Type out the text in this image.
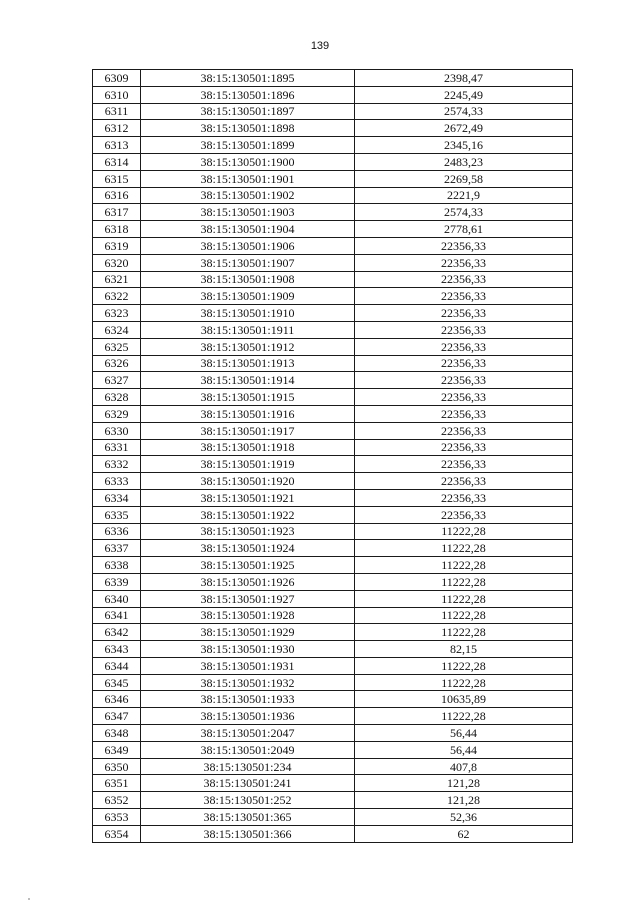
139
6309	38:15:130501:1895	2398,47
6310	38:15:130501:1896	2245,49
6311	38:15:130501:1897	2574,33
6312	38:15:130501:1898	2672,49
6313	38:15:130501:1899	2345,16
6314	38:15:130501:1900	2483,23
6315	38:15:130501:1901	2269,58
6316	38:15:130501:1902	2221,9
6317	38:15:130501:1903	2574,33
6318	38:15:130501:1904	2778,61
6319	38:15:130501:1906	22356,33
6320	38:15:130501:1907	22356,33
6321	38:15:130501:1908	22356,33
6322	38:15:130501:1909	22356,33
6323	38:15:130501:1910	22356,33
6324	38:15:130501:1911	22356,33
6325	38:15:130501:1912	22356,33
6326	38:15:130501:1913	22356,33
6327	38:15:130501:1914	22356,33
6328	38:15:130501:1915	22356,33
6329	38:15:130501:1916	22356,33
6330	38:15:130501:1917	22356,33
6331	38:15:130501:1918	22356,33
6332	38:15:130501:1919	22356,33
6333	38:15:130501:1920	22356,33
6334	38:15:130501:1921	22356,33
6335	38:15:130501:1922	22356,33
6336	38:15:130501:1923	11222,28
6337	38:15:130501:1924	11222,28
6338	38:15:130501:1925	11222,28
6339	38:15:130501:1926	11222,28
6340	38:15:130501:1927	11222,28
6341	38:15:130501:1928	11222,28
6342	38:15:130501:1929	11222,28
6343	38:15:130501:1930	82,15
6344	38:15:130501:1931	11222,28
6345	38:15:130501:1932	11222,28
6346	38:15:130501:1933	10635,89
6347	38:15:130501:1936	11222,28
6348	38:15:130501:2047	56,44
6349	38:15:130501:2049	56,44
6350	38:15:130501:234	407,8
6351	38:15:130501:241	121,28
6352	38:15:130501:252	121,28
6353	38:15:130501:365	52,36
6354	38:15:130501:366	62
